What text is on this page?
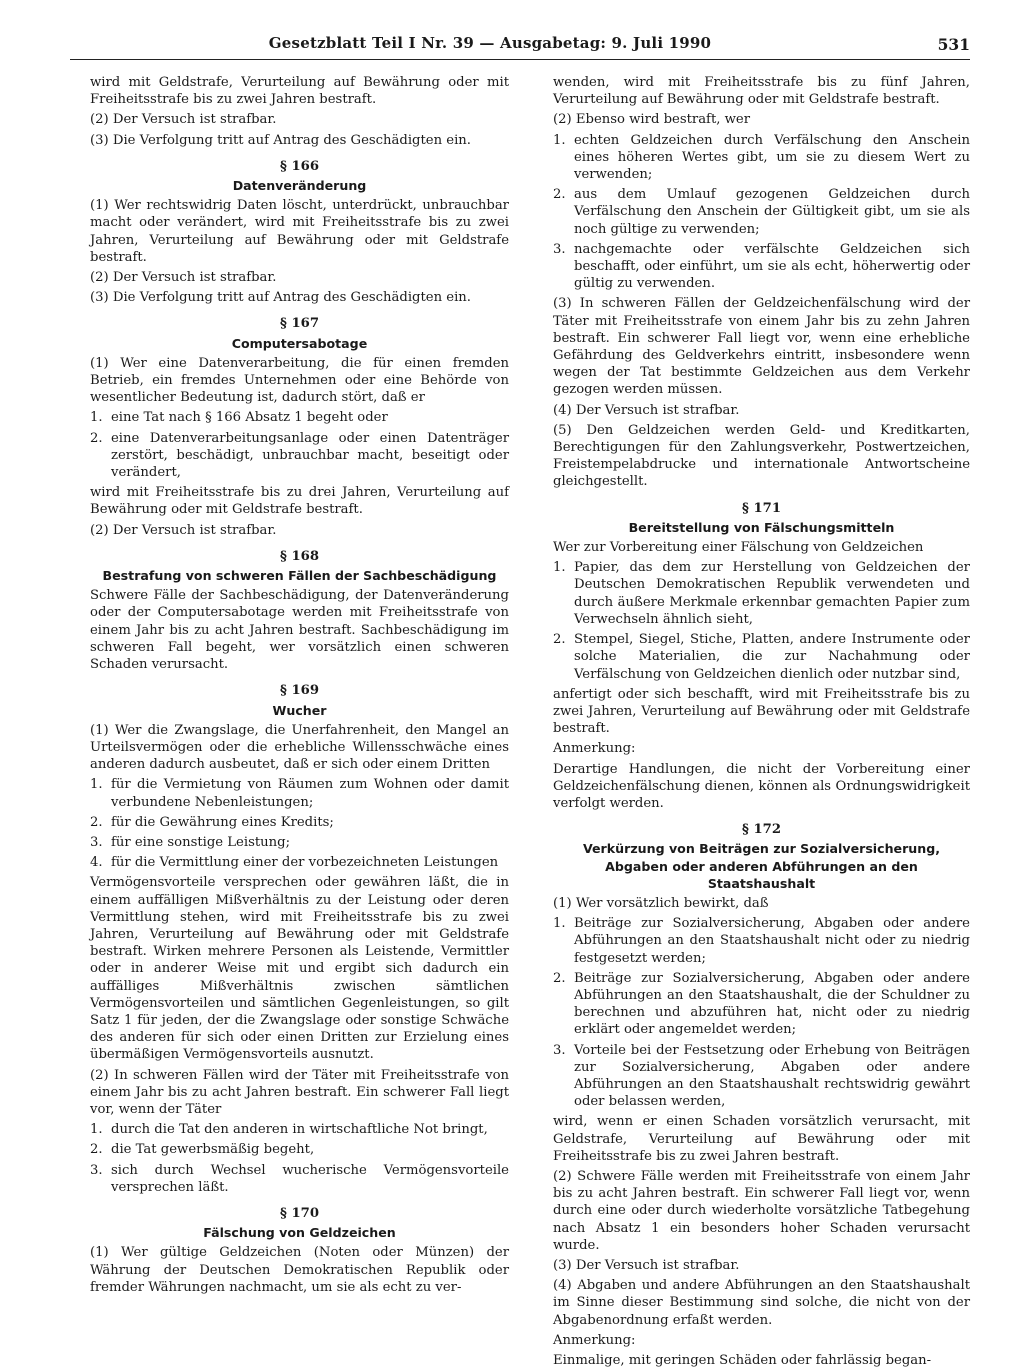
Gesetzblatt Teil I Nr. 39 — Ausgabetag: 9. Juli 1990	531

wird mit Geldstrafe, Verurteilung auf Bewährung oder mit Freiheitsstrafe bis zu zwei Jahren bestraft.

(2) Der Versuch ist strafbar.

(3) Die Verfolgung tritt auf Antrag des Geschädigten ein.

§ 166
Datenveränderung

(1) Wer rechtswidrig Daten löscht, unterdrückt, unbrauchbar macht oder verändert, wird mit Freiheitsstrafe bis zu zwei Jahren, Verurteilung auf Bewährung oder mit Geldstrafe bestraft.

(2) Der Versuch ist strafbar.

(3) Die Verfolgung tritt auf Antrag des Geschädigten ein.

§ 167
Computersabotage

(1) Wer eine Datenverarbeitung, die für einen fremden Betrieb, ein fremdes Unternehmen oder eine Behörde von wesentlicher Bedeutung ist, dadurch stört, daß er

1. eine Tat nach § 166 Absatz 1 begeht oder
2. eine Datenverarbeitungsanlage oder einen Datenträger zerstört, beschädigt, unbrauchbar macht, beseitigt oder verändert,

wird mit Freiheitsstrafe bis zu drei Jahren, Verurteilung auf Bewährung oder mit Geldstrafe bestraft.

(2) Der Versuch ist strafbar.

§ 168
Bestrafung von schweren Fällen der Sachbeschädigung

Schwere Fälle der Sachbeschädigung, der Datenveränderung oder der Computersabotage werden mit Freiheitsstrafe von einem Jahr bis zu acht Jahren bestraft. Sachbeschädigung im schweren Fall begeht, wer vorsätzlich einen schweren Schaden verursacht.

§ 169
Wucher

(1) Wer die Zwangslage, die Unerfahrenheit, den Mangel an Urteilsvermögen oder die erhebliche Willensschwäche eines anderen dadurch ausbeutet, daß er sich oder einem Dritten

1. für die Vermietung von Räumen zum Wohnen oder damit verbundene Nebenleistungen;
2. für die Gewährung eines Kredits;
3. für eine sonstige Leistung;
4. für die Vermittlung einer der vorbezeichneten Leistungen

Vermögensvorteile versprechen oder gewähren läßt, die in einem auffälligen Mißverhältnis zu der Leistung oder deren Vermittlung stehen, wird mit Freiheitsstrafe bis zu zwei Jahren, Verurteilung auf Bewährung oder mit Geldstrafe bestraft. Wirken mehrere Personen als Leistende, Vermittler oder in anderer Weise mit und ergibt sich dadurch ein auffälliges Mißverhältnis zwischen sämtlichen Vermögensvorteilen und sämtlichen Gegenleistungen, so gilt Satz 1 für jeden, der die Zwangslage oder sonstige Schwäche des anderen für sich oder einen Dritten zur Erzielung eines übermäßigen Vermögensvorteils ausnutzt.

(2) In schweren Fällen wird der Täter mit Freiheitsstrafe von einem Jahr bis zu acht Jahren bestraft. Ein schwerer Fall liegt vor, wenn der Täter

1. durch die Tat den anderen in wirtschaftliche Not bringt,
2. die Tat gewerbsmäßig begeht,
3. sich durch Wechsel wucherische Vermögensvorteile versprechen läßt.
§ 170
Fälschung von Geldzeichen

(1) Wer gültige Geldzeichen (Noten oder Münzen) der Währung der Deutschen Demokratischen Republik oder fremder Währungen nachmacht, um sie als echt zu ver-

wenden, wird mit Freiheitsstrafe bis zu fünf Jahren, Verurteilung auf Bewährung oder mit Geldstrafe bestraft.

(2) Ebenso wird bestraft, wer

1. echten Geldzeichen durch Verfälschung den Anschein eines höheren Wertes gibt, um sie zu diesem Wert zu verwenden;
2. aus dem Umlauf gezogenen Geldzeichen durch Verfälschung den Anschein der Gültigkeit gibt, um sie als noch gültige zu verwenden;
3. nachgemachte oder verfälschte Geldzeichen sich beschafft, oder einführt, um sie als echt, höherwertig oder gültig zu verwenden.

(3) In schweren Fällen der Geldzeichenfälschung wird der Täter mit Freiheitsstrafe von einem Jahr bis zu zehn Jahren bestraft. Ein schwerer Fall liegt vor, wenn eine erhebliche Gefährdung des Geldverkehrs eintritt, insbesondere wenn wegen der Tat bestimmte Geldzeichen aus dem Verkehr gezogen werden müssen.

(4) Der Versuch ist strafbar.

(5) Den Geldzeichen werden Geld- und Kreditkarten, Berechtigungen für den Zahlungsverkehr, Postwertzeichen, Freistempelabdrucke und internationale Antwortscheine gleichgestellt.

§ 171
Bereitstellung von Fälschungsmitteln

Wer zur Vorbereitung einer Fälschung von Geldzeichen

1. Papier, das dem zur Herstellung von Geldzeichen der Deutschen Demokratischen Republik verwendeten und durch äußere Merkmale erkennbar gemachten Papier zum Verwechseln ähnlich sieht,
2. Stempel, Siegel, Stiche, Platten, andere Instrumente oder solche Materialien, die zur Nachahmung oder Verfälschung von Geldzeichen dienlich oder nutzbar sind,

anfertigt oder sich beschafft, wird mit Freiheitsstrafe bis zu zwei Jahren, Verurteilung auf Bewährung oder mit Geldstrafe bestraft.

Anmerkung:

Derartige Handlungen, die nicht der Vorbereitung einer Geldzeichenfälschung dienen, können als Ordnungswidrigkeit verfolgt werden.

§ 172
Verkürzung von Beiträgen zur Sozialversicherung, Abgaben oder anderen Abführungen an den Staatshaushalt

(1) Wer vorsätzlich bewirkt, daß

1. Beiträge zur Sozialversicherung, Abgaben oder andere Abführungen an den Staatshaushalt nicht oder zu niedrig festgesetzt werden;
2. Beiträge zur Sozialversicherung, Abgaben oder andere Abführungen an den Staatshaushalt, die der Schuldner zu berechnen und abzuführen hat, nicht oder zu niedrig erklärt oder angemeldet werden;
3. Vorteile bei der Festsetzung oder Erhebung von Beiträgen zur Sozialversicherung, Abgaben oder andere Abführungen an den Staatshaushalt rechtswidrig gewährt oder belassen werden,

wird, wenn er einen Schaden vorsätzlich verursacht, mit Geldstrafe, Verurteilung auf Bewährung oder mit Freiheitsstrafe bis zu zwei Jahren bestraft.

(2) Schwere Fälle werden mit Freiheitsstrafe von einem Jahr bis zu acht Jahren bestraft. Ein schwerer Fall liegt vor, wenn durch eine oder durch wiederholte vorsätzliche Tatbegehung nach Absatz 1 ein besonders hoher Schaden verursacht wurde.

(3) Der Versuch ist strafbar.

(4) Abgaben und andere Abführungen an den Staatshaushalt im Sinne dieser Bestimmung sind solche, die nicht von der Abgabenordnung erfaßt werden.

Anmerkung:

Einmalige, mit geringen Schäden oder fahrlässig began-
